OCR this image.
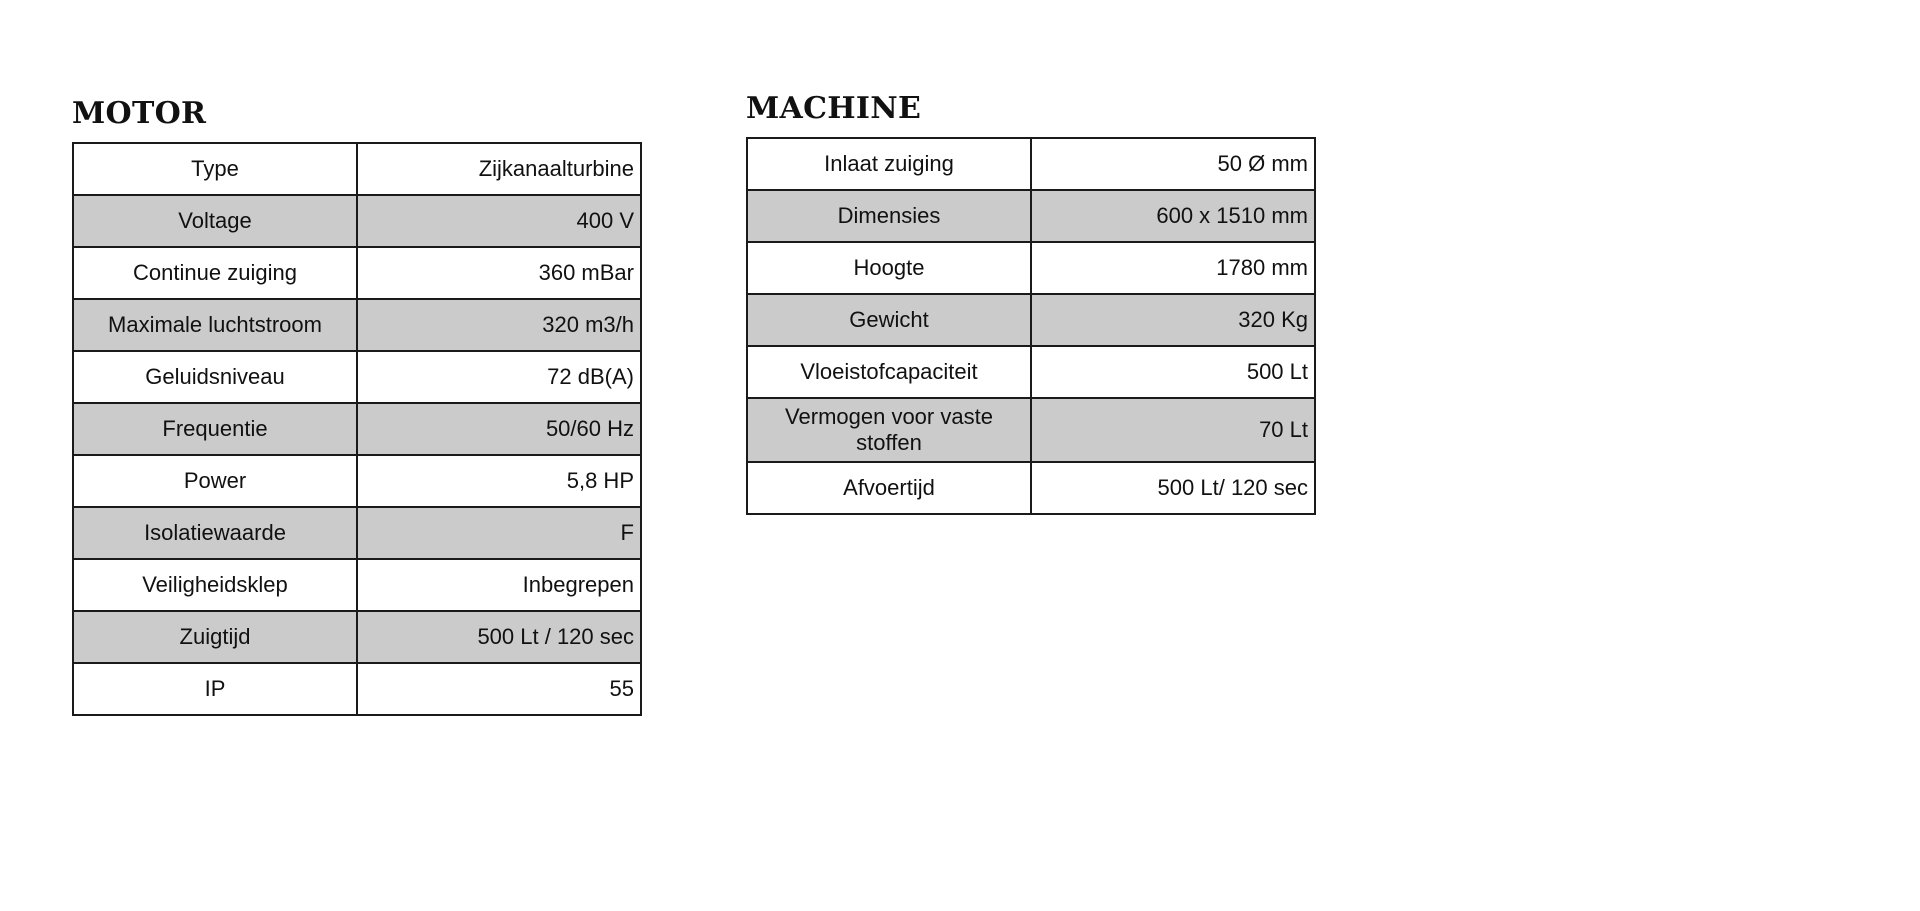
MOTOR
Type	Zijkanaalturbine
Voltage	400 V
Continue zuiging	360 mBar
Maximale luchtstroom	320 m3/h
Geluidsniveau	72 dB(A)
Frequentie	50/60 Hz
Power	5,8 HP
Isolatiewaarde	F
Veiligheidsklep	Inbegrepen
Zuigtijd	500 Lt / 120 sec
IP	55
MACHINE
Inlaat zuiging	50 Ø mm
Dimensies	600 x 1510 mm
Hoogte	1780 mm
Gewicht	320 Kg
Vloeistofcapaciteit	500 Lt
Vermogen voor vaste stoffen	70 Lt
Afvoertijd	500 Lt/ 120 sec
